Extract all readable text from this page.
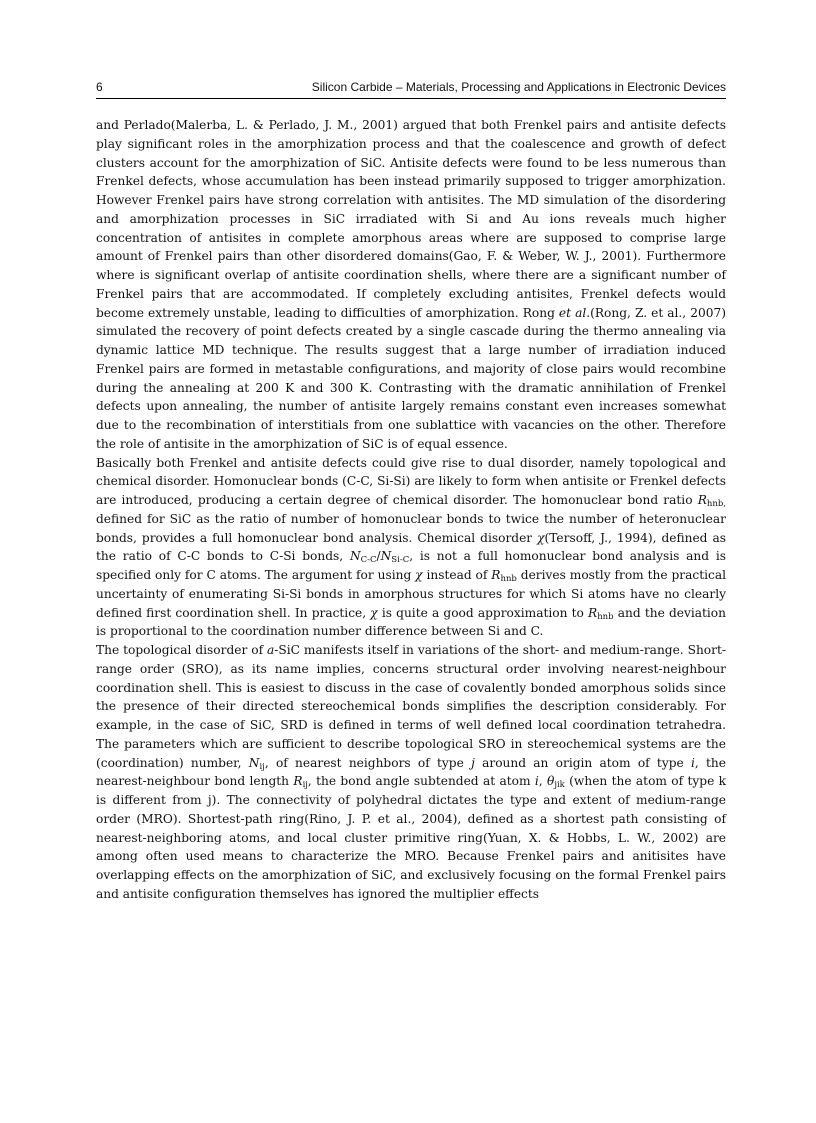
6	Silicon Carbide – Materials, Processing and Applications in Electronic Devices

and Perlado(Malerba, L. & Perlado, J. M., 2001) argued that both Frenkel pairs and antisite defects play significant roles in the amorphization process and that the coalescence and growth of defect clusters account for the amorphization of SiC. Antisite defects were found to be less numerous than Frenkel defects, whose accumulation has been instead primarily supposed to trigger amorphization. However Frenkel pairs have strong correlation with antisites. The MD simulation of the disordering and amorphization processes in SiC irradiated with Si and Au ions reveals much higher concentration of antisites in complete amorphous areas where are supposed to comprise large amount of Frenkel pairs than other disordered domains(Gao, F. & Weber, W. J., 2001). Furthermore where is significant overlap of antisite coordination shells, where there are a significant number of Frenkel pairs that are accommodated. If completely excluding antisites, Frenkel defects would become extremely unstable, leading to difficulties of amorphization. Rong et al.(Rong, Z. et al., 2007) simulated the recovery of point defects created by a single cascade during the thermo annealing via dynamic lattice MD technique. The results suggest that a large number of irradiation induced Frenkel pairs are formed in metastable configurations, and majority of close pairs would recombine during the annealing at 200 K and 300 K. Contrasting with the dramatic annihilation of Frenkel defects upon annealing, the number of antisite largely remains constant even increases somewhat due to the recombination of interstitials from one sublattice with vacancies on the other. Therefore the role of antisite in the amorphization of SiC is of equal essence.

Basically both Frenkel and antisite defects could give rise to dual disorder, namely topological and chemical disorder. Homonuclear bonds (C-C, Si-Si) are likely to form when antisite or Frenkel defects are introduced, producing a certain degree of chemical disorder. The homonuclear bond ratio $R_{hnb,}$ defined for SiC as the ratio of number of homonuclear bonds to twice the number of heteronuclear bonds, provides a full homonuclear bond analysis. Chemical disorder χ(Tersoff, J., 1994), defined as the ratio of C-C bonds to C-Si bonds, $N_{C-C}/N_{Si-C}$, is not a full homonuclear bond analysis and is specified only for C atoms. The argument for using χ instead of $R_{hnb}$ derives mostly from the practical uncertainty of enumerating Si-Si bonds in amorphous structures for which Si atoms have no clearly defined first coordination shell. In practice, χ is quite a good approximation to $R_{hnb}$ and the deviation is proportional to the coordination number difference between Si and C.

The topological disorder of a-SiC manifests itself in variations of the short- and medium-range. Short-range order (SRO), as its name implies, concerns structural order involving nearest-neighbour coordination shell. This is easiest to discuss in the case of covalently bonded amorphous solids since the presence of their directed stereochemical bonds simplifies the description considerably. For example, in the case of SiC, SRD is defined in terms of well defined local coordination tetrahedra. The parameters which are sufficient to describe topological SRO in stereochemical systems are the (coordination) number, $N_{ij}$, of nearest neighbors of type j around an origin atom of type i, the nearest-neighbour bond length $R_{ij}$, the bond angle subtended at atom i, $\theta_{jik}$ (when the atom of type k is different from j). The connectivity of polyhedral dictates the type and extent of medium-range order (MRO). Shortest-path ring(Rino, J. P. et al., 2004), defined as a shortest path consisting of nearest-neighboring atoms, and local cluster primitive ring(Yuan, X. & Hobbs, L. W., 2002) are among often used means to characterize the MRO. Because Frenkel pairs and anitisites have overlapping effects on the amorphization of SiC, and exclusively focusing on the formal Frenkel pairs and antisite configuration themselves has ignored the multiplier effects
